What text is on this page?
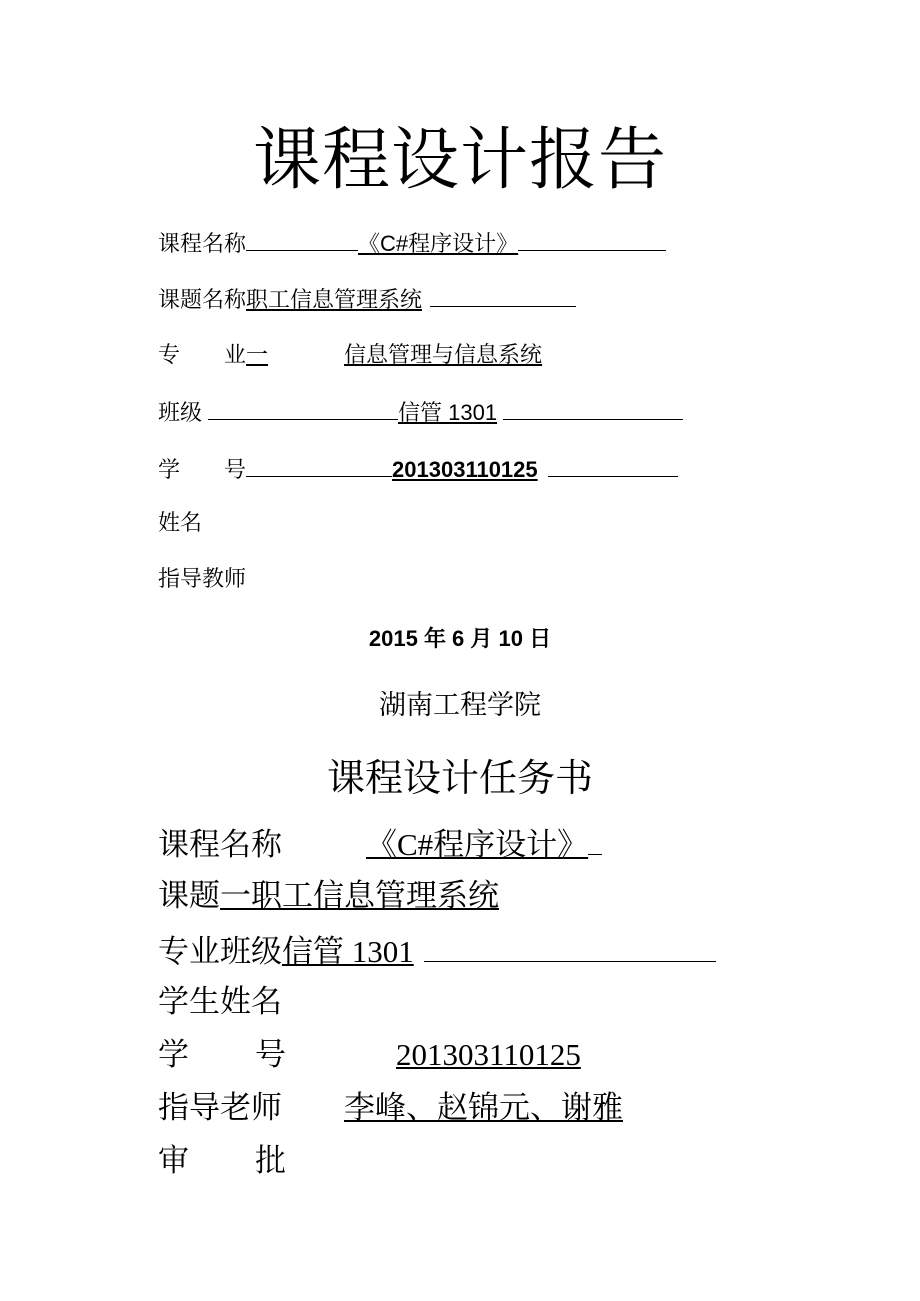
课程设计报告
课程名称	《C#程序设计》
课题名称职工信息管理系统
专 业一	信息管理与信息系统
班级	信管 1301
学 号	201303110125
姓名
指导教师
2015 年 6 月 10 日
湖南工程学院
课程设计任务书
课程名称	《C#程序设计》
课题一职工信息管理系统
专业班级信管 1301
学生姓名
学 号	201303110125
指导老师 李峰、赵锦元、谢雅
审 批
